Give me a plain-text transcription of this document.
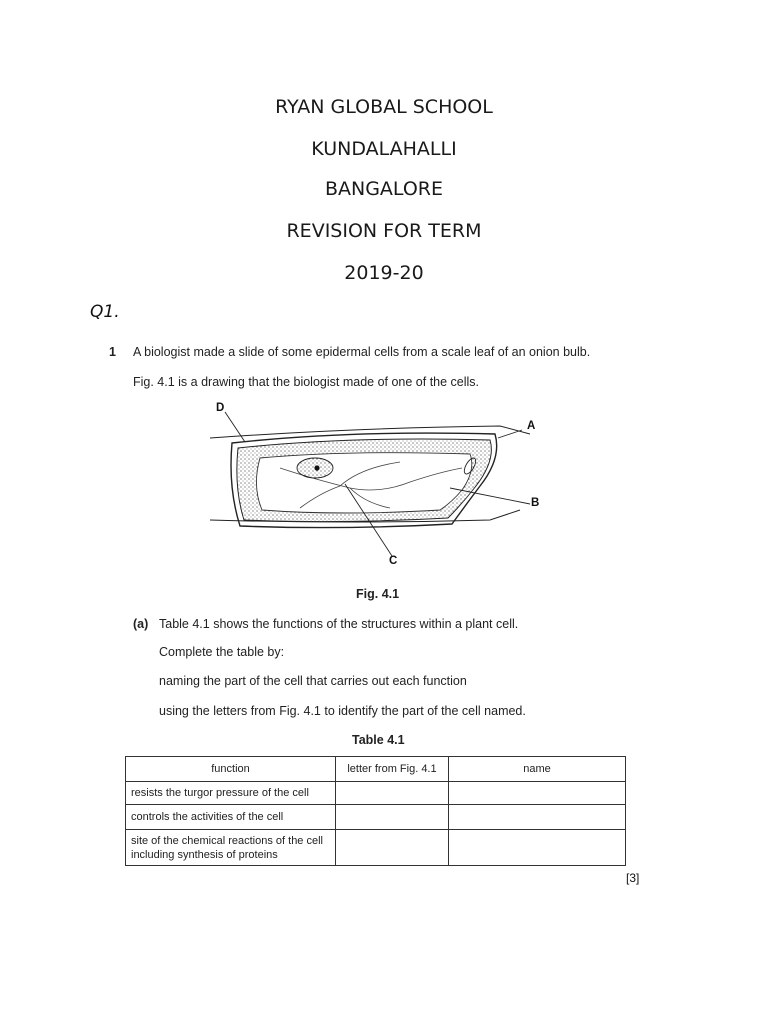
RYAN GLOBAL SCHOOL
KUNDALAHALLI
BANGALORE
REVISION FOR TERM
2019-20
Q1.
1 A biologist made a slide of some epidermal cells from a scale leaf of an onion bulb.
Fig. 4.1 is a drawing that the biologist made of one of the cells.
D
A
B
C
Fig. 4.1
(a) Table 4.1 shows the functions of the structures within a plant cell.
Complete the table by:
naming the part of the cell that carries out each function
using the letters from Fig. 4.1 to identify the part of the cell named.
Table 4.1
function	letter from Fig. 4.1	name
resists the turgor pressure of the cell		
controls the activities of the cell		
site of the chemical reactions of the cell including synthesis of proteins		
[3]
